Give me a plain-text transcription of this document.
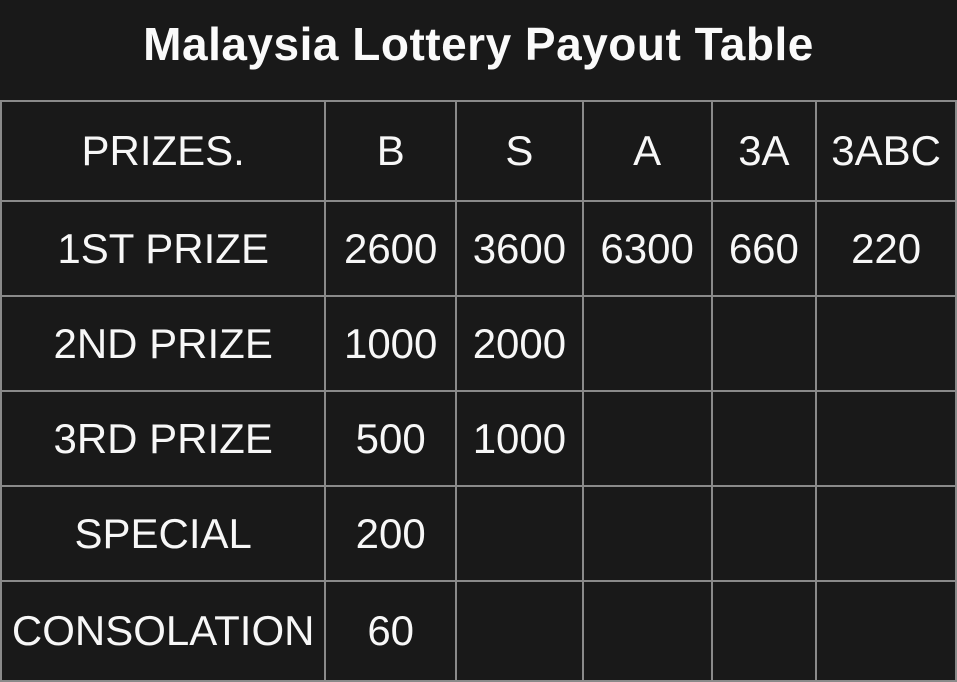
Malaysia Lottery Payout Table
PRIZES.	B	S	A	3A	3ABC
1ST PRIZE	2600	3600	6300	660	220
2ND PRIZE	1000	2000			
3RD PRIZE	500	1000			
SPECIAL	200				
CONSOLATION	60				
